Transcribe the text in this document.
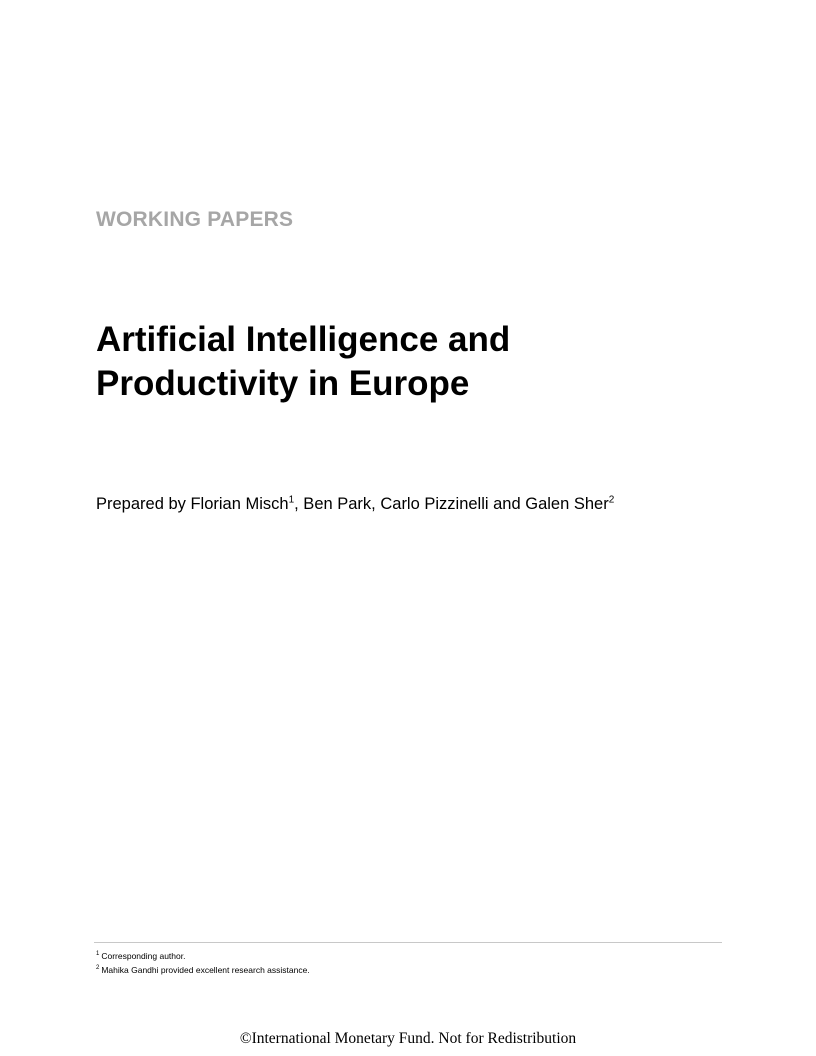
WORKING PAPERS
Artificial Intelligence and
Productivity in Europe
Prepared by Florian Misch$^1$, Ben Park, Carlo Pizzinelli and Galen Sher$^2$
$^1$ Corresponding author.
$^2$ Mahika Gandhi provided excellent research assistance.
©International Monetary Fund. Not for Redistribution
